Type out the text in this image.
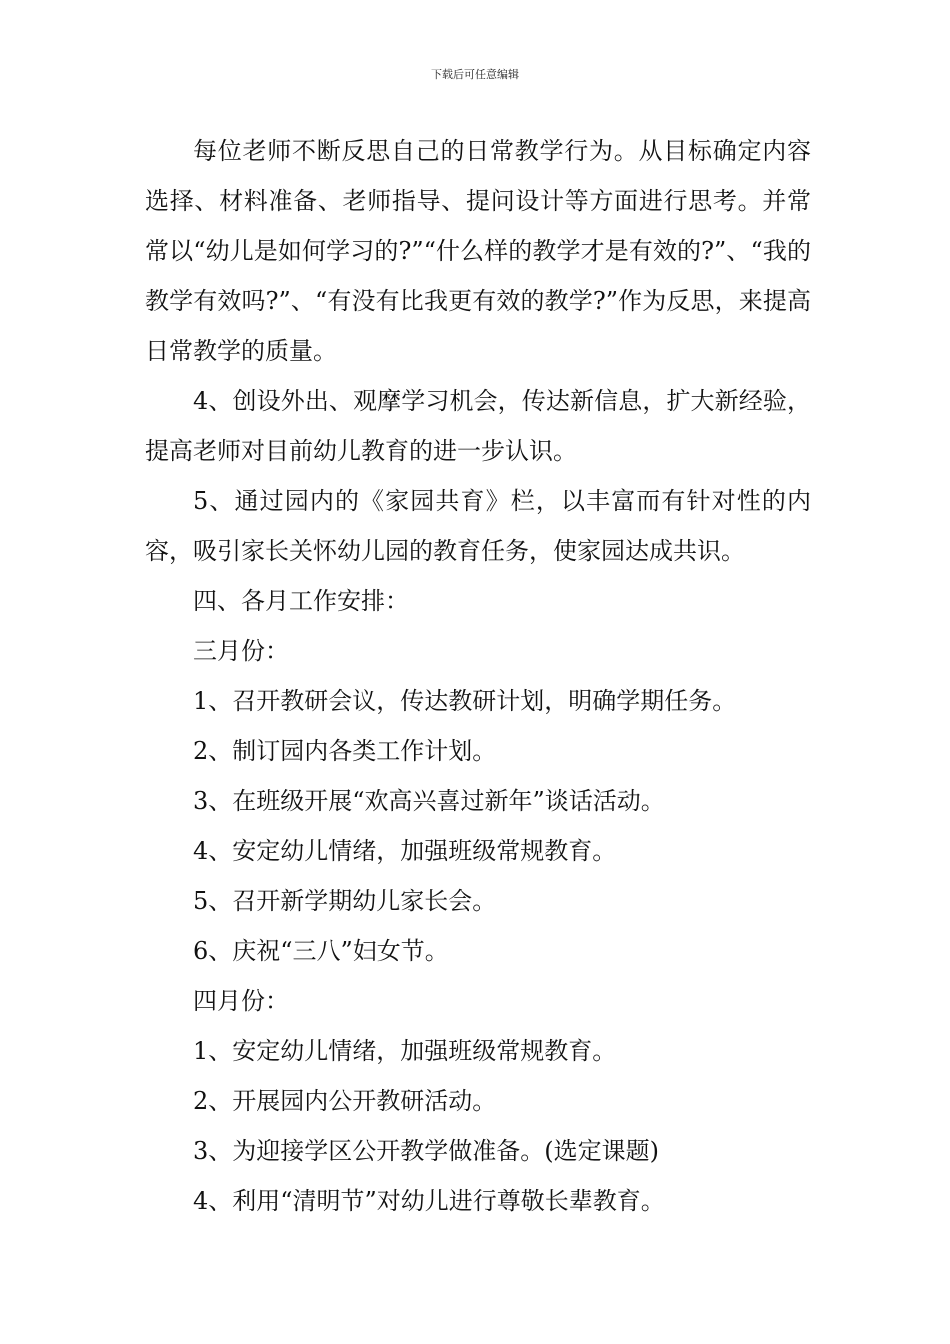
下载后可任意编辑

每位老师不断反思自己的日常教学行为。从目标确定内容选择、材料准备、老师指导、提问设计等方面进行思考。并常常以“幼儿是如何学习的?”“什么样的教学才是有效的?”、“我的教学有效吗?”、“有没有比我更有效的教学?”作为反思，来提高日常教学的质量。

4、创设外出、观摩学习机会，传达新信息，扩大新经验，提高老师对目前幼儿教育的进一步认识。

5、通过园内的《家园共育》栏，以丰富而有针对性的内容，吸引家长关怀幼儿园的教育任务，使家园达成共识。

四、各月工作安排：

三月份：

1、召开教研会议，传达教研计划，明确学期任务。

2、制订园内各类工作计划。

3、在班级开展“欢高兴喜过新年”谈话活动。

4、安定幼儿情绪，加强班级常规教育。

5、召开新学期幼儿家长会。

6、庆祝“三八”妇女节。

四月份：

1、安定幼儿情绪，加强班级常规教育。

2、开展园内公开教研活动。

3、为迎接学区公开教学做准备。(选定课题)

4、利用“清明节”对幼儿进行尊敬长辈教育。
